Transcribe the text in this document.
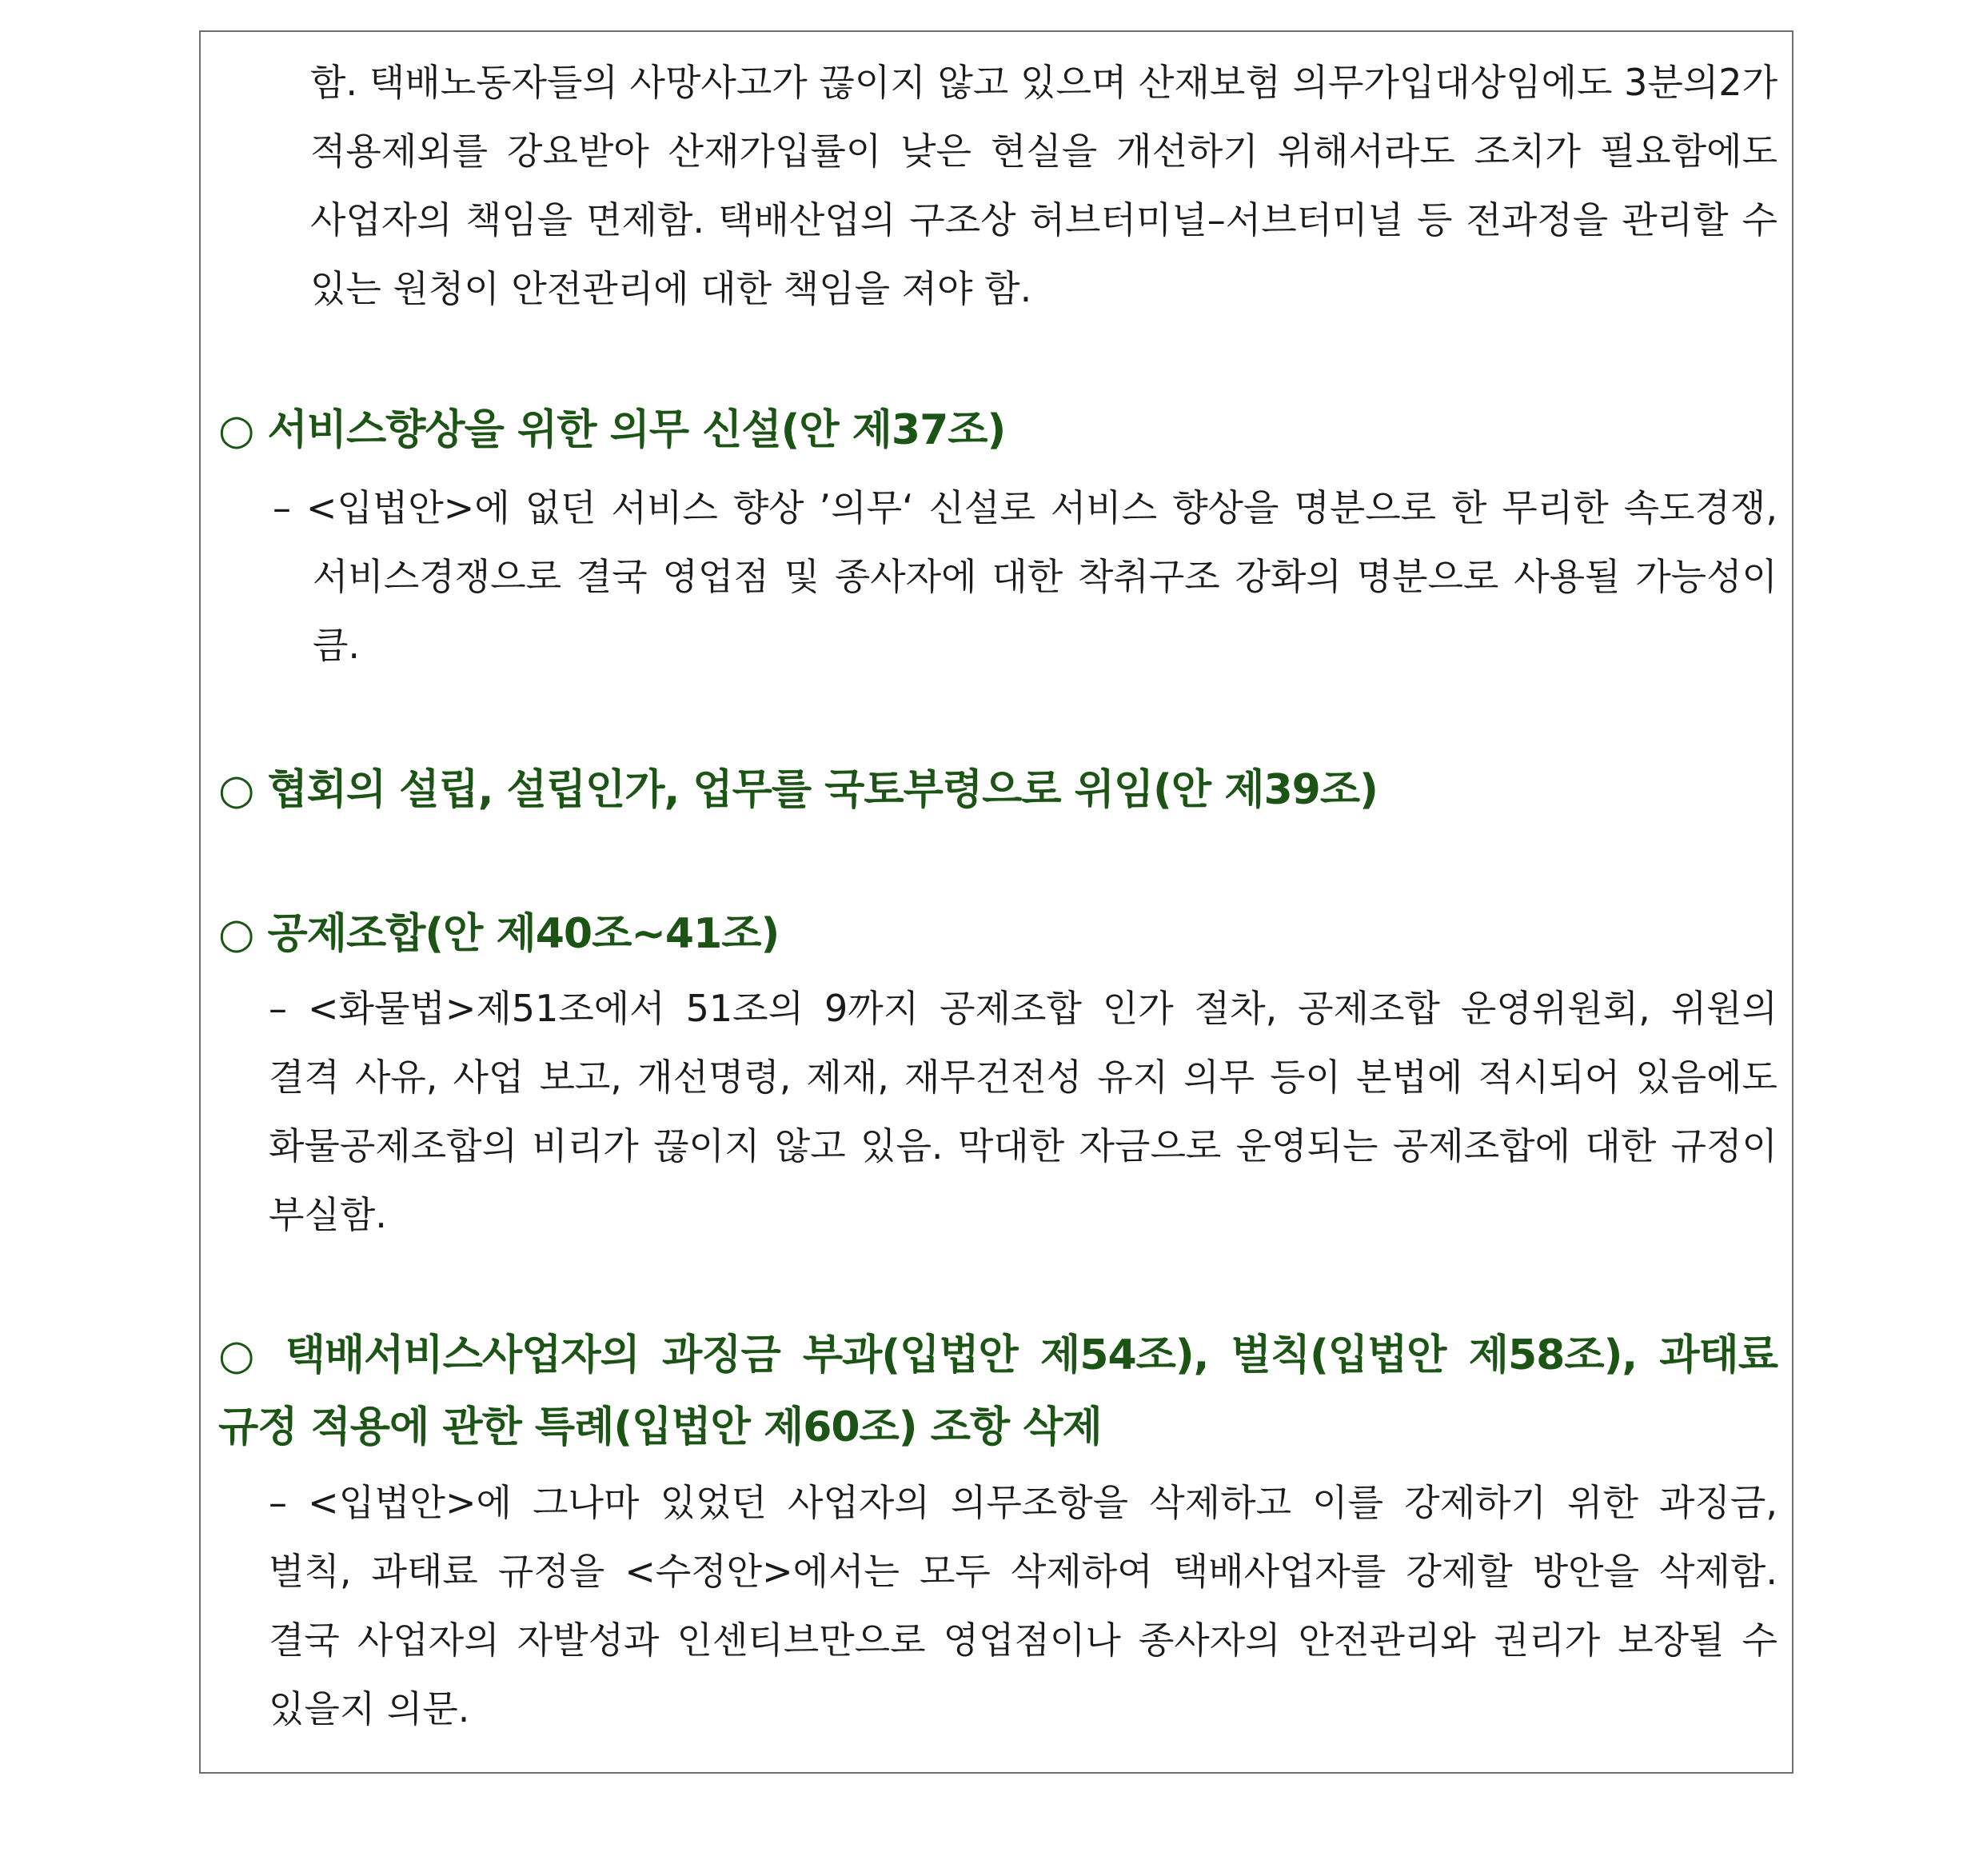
함. 택배노동자들의 사망사고가 끊이지 않고 있으며 산재보험 의무가입대상임에도 3분의2가 적용제외를 강요받아 산재가입률이 낮은 현실을 개선하기 위해서라도 조치가 필요함에도 사업자의 책임을 면제함. 택배산업의 구조상 허브터미널–서브터미널 등 전과정을 관리할 수 있는 원청이 안전관리에 대한 책임을 져야 함.

○ 서비스향상을 위한 의무 신설(안 제37조)

– <입법안>에 없던 서비스 향상 ’의무‘ 신설로 서비스 향상을 명분으로 한 무리한 속도경쟁, 서비스경쟁으로 결국 영업점 및 종사자에 대한 착취구조 강화의 명분으로 사용될 가능성이 큼.

○ 협회의 설립, 설립인가, 업무를 국토부령으로 위임(안 제39조)
○ 공제조합(안 제40조~41조)

– <화물법>제51조에서 51조의 9까지 공제조합 인가 절차, 공제조합 운영위원회, 위원의 결격 사유, 사업 보고, 개선명령, 제재, 재무건전성 유지 의무 등이 본법에 적시되어 있음에도 화물공제조합의 비리가 끊이지 않고 있음. 막대한 자금으로 운영되는 공제조합에 대한 규정이 부실함.

○ 택배서비스사업자의 과징금 부과(입법안 제54조), 벌칙(입법안 제58조), 과태료 규정 적용에 관한 특례(입법안 제60조) 조항 삭제

– <입법안>에 그나마 있었던 사업자의 의무조항을 삭제하고 이를 강제하기 위한 과징금, 벌칙, 과태료 규정을 <수정안>에서는 모두 삭제하여 택배사업자를 강제할 방안을 삭제함. 결국 사업자의 자발성과 인센티브만으로 영업점이나 종사자의 안전관리와 권리가 보장될 수 있을지 의문.
